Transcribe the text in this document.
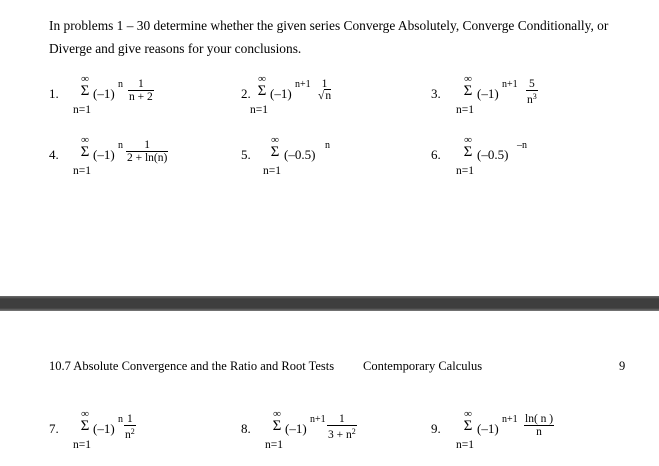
In problems 1 – 30 determine whether the given series Converge Absolutely, Converge Conditionally, or
Diverge and give reasons for your conclusions.
1.
∞
Σ
n=1
(–1)
n $\frac{1}{n + 2}$	2.
∞
Σ
n=1
(–1)
n+1 1
√n	3.
∞
Σ
n=1
(–1)
$n+1 \frac{5}{n^3}$
4.
∞
Σ
n=1
(–1)
n $\frac{1}{2 + \ln(n)}$	5.
∞
Σ
n=1
(–0.5)
n
6.
∞
Σ
n=1
(–0.5)
–n
10.7 Absolute Convergence and the Ratio and Root Tests Contemporary Calculus	9
7.
∞
Σ
n=1
(–1)
n $\frac{1}{n^2}$	8.
∞
Σ
n=1
(–1)
$n+1 \frac{1}{3 + n^2}$	9.
∞
Σ
n=1
(–1)
$n+1 \frac{\ln( n )}{n}$
